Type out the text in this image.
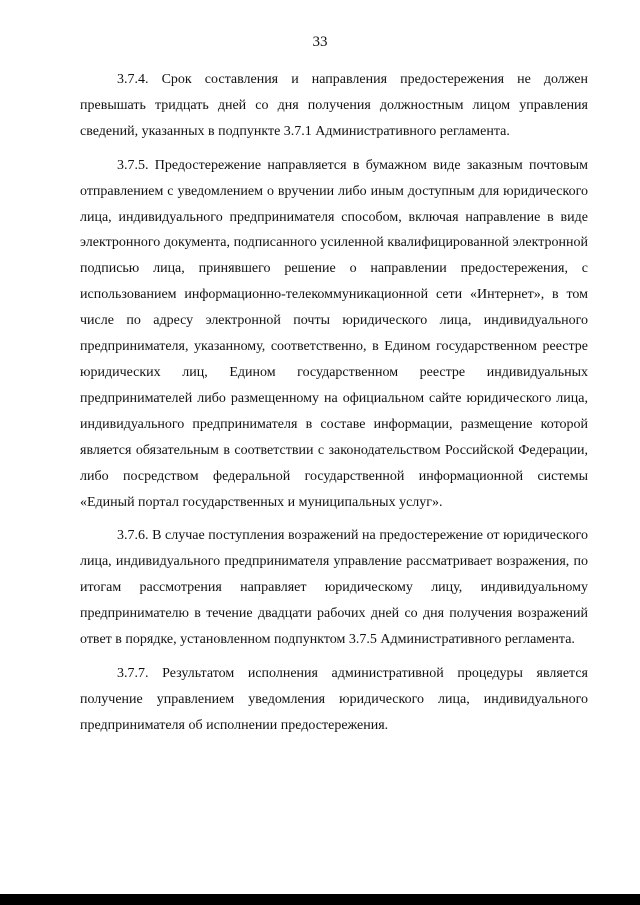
33

3.7.4. Срок составления и направления предостережения не должен превышать тридцать дней со дня получения должностным лицом управления сведений, указанных в подпункте 3.7.1 Административного регламента.

3.7.5. Предостережение направляется в бумажном виде заказным почтовым отправлением с уведомлением о вручении либо иным доступным для юридического лица, индивидуального предпринимателя способом, включая направление в виде электронного документа, подписанного усиленной квалифицированной электронной подписью лица, принявшего решение о направлении предостережения, с использованием информационно-телекоммуникационной сети «Интернет», в том числе по адресу электронной почты юридического лица, индивидуального предпринимателя, указанному, соответственно, в Едином государственном реестре юридических лиц, Едином государственном реестре индивидуальных предпринимателей либо размещенному на официальном сайте юридического лица, индивидуального предпринимателя в составе информации, размещение которой является обязательным в соответствии с законодательством Российской Федерации, либо посредством федеральной государственной информационной системы «Единый портал государственных и муниципальных услуг».

3.7.6. В случае поступления возражений на предостережение от юридического лица, индивидуального предпринимателя управление рассматривает возражения, по итогам рассмотрения направляет юридическому лицу, индивидуальному предпринимателю в течение двадцати рабочих дней со дня получения возражений ответ в порядке, установленном подпунктом 3.7.5 Административного регламента.

3.7.7. Результатом исполнения административной процедуры является получение управлением уведомления юридического лица, индивидуального предпринимателя об исполнении предостережения.
